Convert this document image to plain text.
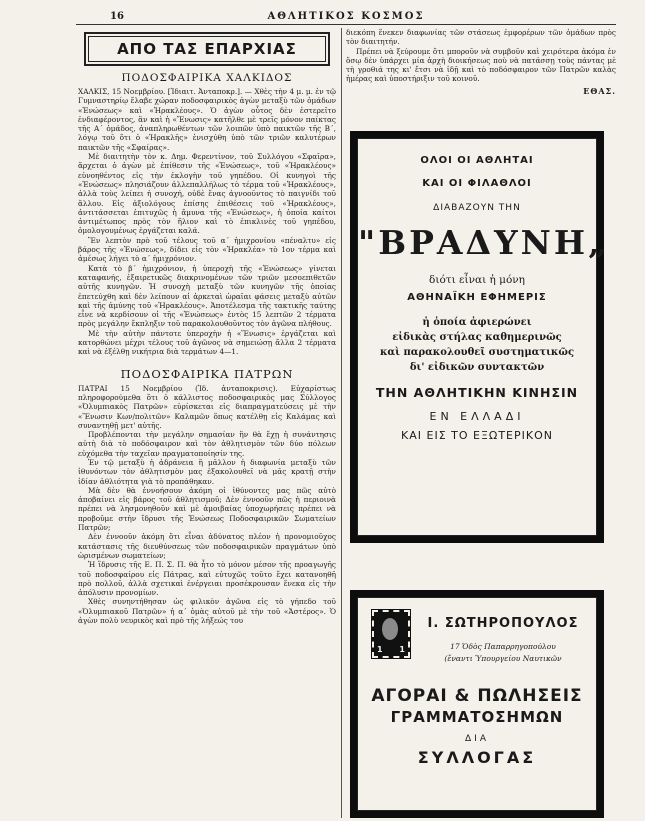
16	ΑΘΛΗΤΙΚΟΣ ΚΟΣΜΟΣ
ΑΠΟ ΤΑΣ ΕΠΑΡΧΙΑΣ
ΠΟΔΟΣΦΑΙΡΙΚΑ ΧΑΛΚΙΔΟΣ

ΧΑΛΚΙΣ, 15 Νοεμβρίου. [Ἰδιαιτ. Ἀνταποκρ.]. — Χθὲς τὴν 4 μ. μ. ἐν τῷ Γυμναστηρίῳ ἔλαβε χώραν ποδοσφαιρικὸς ἀγὼν μεταξὺ τῶν ὁμάδων «Ἑνώσεως» καὶ «Ἡρακλέους». Ὁ ἀγὼν οὗτος δὲν ἐστερεῖτο ἐνδιαφέροντος, ἂν καὶ ἡ «Ἕνωσις» κατῆλθε μὲ τρεῖς μόνον παίκτας τῆς Α΄ ὁμάδος, ἀναπληρωθέντων τῶν λοιπῶν ὑπὸ παικτῶν τῆς Β΄, λόγῳ τοῦ ὅτι ὁ «Ἡρακλῆς» ἐνισχύθη ὑπὸ τῶν τριῶν καλυτέρων παικτῶν τῆς «Σφαίρας».

Μὲ διαιτητὴν τὸν κ. Δημ. Φερεντίνον, τοῦ Συλλόγου «Σφαῖρα», ἄρχεται ὁ ἀγὼν μὲ ἐπίθεσιν τῆς «Ἑνώσεως», τοῦ «Ἡρακλέους» εὐνοηθέντος εἰς τὴν ἐκλογὴν τοῦ γηπέδου. Οἱ κυνηγοὶ τῆς «Ἑνώσεως» πλησιάζουν ἀλλεπαλλήλως τὸ τέρμα τοῦ «Ἡρακλέους», ἀλλὰ τοὺς λείπει ἡ συνοχή, οὐδὲ ἔνας ἀγνοοῦντος τὸ παιγνίδι τοῦ ἄλλου. Εἰς ἀξιολόγους ἐπίσης ἐπιθέσεις τοῦ «Ἡρακλέους», ἀντιτάσσεται ἐπιτυχῶς ἡ ἄμυνα τῆς «Ἑνώσεως», ἡ ὁποία καίτοι ἀντιμέτωπος πρὸς τὸν ἥλιον καὶ τὸ ἐπικλινὲς τοῦ γηπέδου, ὁμολογουμένως ἐργάζεται καλά.

Ἓν λεπτὸν πρὸ τοῦ τέλους τοῦ α΄ ἡμιχρονίου «πέναλτυ» εἰς βάρος τῆς «Ἑνώσεως», δίδει εἰς τὸν «Ἡρακλέα» τὸ 1ον τέρμα καὶ ἀμέσως λήγει τὸ α΄ ἡμιχρόνιον.

Κατὰ τὸ β΄ ἡμιχρόνιον, ἡ ὑπεροχὴ τῆς «Ἑνώσεως» γίνεται καταφανής, ἐξαιρετικῶς διακρινομένων τῶν τριῶν μεσοεπιθετῶν αὐτῆς κυνηγῶν. Ἡ συνοχὴ μεταξὺ τῶν κυνηγῶν τῆς ὁποίας ἐπετεύχθη καὶ δὲν λείπουν αἱ ἀρκεταὶ ὡραῖαι φάσεις μεταξὺ αὐτῶν καὶ τῆς ἀμύνης τοῦ «Ἡρακλέους». Ἀποτέλεσμα τῆς τακτικῆς ταύτης εἶνε νὰ κερδίσουν οἱ τῆς «Ἑνώσεως» ἐντὸς 15 λεπτῶν 2 τέρματα πρὸς μεγάλην ἔκπληξιν τοῦ παρακολουθοῦντος τὸν ἀγῶνα πλήθους.

Μὲ τὴν αὐτὴν πάντοτε ὑπεροχὴν ἡ «Ἕνωσις» ἐργάζεται καὶ κατορθώνει μέχρι τέλους τοῦ ἀγῶνος νὰ σημειώσῃ ἄλλα 2 τέρματα καὶ νὰ ἐξέλθῃ νικήτρια διὰ τερμάτων 4—1.

ΠΟΔΟΣΦΑΙΡΙΚΑ ΠΑΤΡΩΝ

ΠΑΤΡΑΙ 15 Νοεμβρίου (Ἰδ. ἀνταποκρισις). Εὐχαρίστως πληροφορούμεθα ὅτι ὁ κάλλιστος ποδοσφαιρικὸς μας Σύλλογος «Ὀλυμπιακὸς Πατρῶν» εὑρίσκεται εἰς διαπραγματεύσεις μὲ τὴν «Ἕνωσιν Κων/πολιτῶν» Καλαμῶν ὅπως κατέλθῃ εἰς Καλάμας καὶ συναντηθῇ μετ' αὐτῆς.

Προβλέπονται τὴν μεγάλην σημασίαν ἣν θὰ ἔχῃ ἡ συνάντησις αὐτὴ διὰ τὸ ποδόσφαιρον καὶ τὸν ἀθλητισμὸν τῶν δύο πόλεων εὐχόμεθα τὴν ταχεῖαν πραγματοποίησίν της.

Ἐν τῷ μεταξὺ ἡ ἀδράνεια ἢ μᾶλλον ἡ διαφωνία μεταξὺ τῶν ἰθυνόντων τὸν ἀθλητισμὸν μας ἐξακολουθεῖ νὰ μᾶς κρατῇ στὴν ἰδίαν ἀθλιότητα γιὰ τὸ προπάθηκαν.

Μὰ δὲν θὰ ἐννοήσουν ἀκόμη οἱ ἰθύνοντες μας πῶς αὐτὸ ἀποβαίνει εἰς βάρος τοῦ ἀθλητισμοῦ; Δὲν ἐννοοῦν πῶς ἡ περιοινὰ πρέπει νὰ λησμονηθοῦν καὶ μὲ ἀμοιβαίας ὑποχωρήσεις πρέπει νὰ προβοῦμε στὴν ἵδρυσι τῆς Ἑνώσεως Ποδοσφαιρικῶν Σωματείων Πατρῶν;

Δὲν ἐννοοῦν ἀκόμη ὅτι εἶναι ἀδύνατος πλέον ἡ προνομιοῦχος κατάστασις τῆς διευθύνσεως τῶν ποδοσφαιρικῶν πραγμάτων ὑπὸ ὡρισμένων σωματείων;

Ἡ ἵδρυσις τῆς Ε. Π. Σ. Π. θὰ ἦτο τὸ μόνον μέσον τῆς προαγωγῆς τοῦ ποδοσφαίρου εἰς Πάτρας, καὶ εὐτυχῶς τοῦτο ἔχει κατανοηθῆ πρὸ πολλοῦ, ἀλλὰ σχετικαὶ ἐνέργειαι προσέκρουσαν ἕνεκα εἰς τὴν ἀπόλυσιν προνομίων.

Χθὲς συνηντήθησαν ὡς φιλικὸν ἀγῶνα εἰς τὸ γήπεδο τοῦ «Ὀλυμπιακοῦ Πατρῶν» ἡ α΄ ὁμὰς αὐτοῦ μὲ τὴν τοῦ «Ἀστέρος». Ὁ ἀγὼν πολὺ νευρικὸς καὶ πρὸ τῆς λήξεώς του

διεκόπη ἕνεκεν διαφωνίας τῶν στάσεως ἐμφορέρων τῶν ὁμάδων πρὸς τὸν διαιτητήν.

Πρέπει νὰ ξεύρουμε ὅτι μποροῦν νὰ συμβοῦν καὶ χειρότερα ἀκόμα ἐν ὅσῳ δὲν ὑπάρχει μία ἀρχὴ διοικήσεως ποὺ νὰ πατάσσῃ τοὺς πάντας μὲ τὴ γροθιά της κι' ἔτσι νὰ ἰδῇ καὶ τὸ ποδόσφαιρον τῶν Πατρῶν καλὰς ἡμέρας καὶ ὑποστήριξιν τοῦ κοινοῦ.

ΕΘΑΣ.
ΟΛΟΙ ΟΙ ΑΘΛΗΤΑΙ
ΚΑΙ ΟΙ ΦΙΛΑΘΛΟΙ
ΔΙΑΒΑΖΟΥΝ ΤΗΝ
"ΒΡΑΔΥΝΗ„
διότι εἶναι ἡ μόνη
ΑΘΗΝΑΪΚΗ ΕΦΗΜΕΡΙΣ
ἡ ὁποία ἀφιερώνει
εἰδικὰς στήλας καθημερινῶς
καὶ παρακολουθεῖ συστηματικῶς
δι' εἰδικῶν συντακτῶν
ΤΗΝ ΑΘΛΗΤΙΚΗΝ ΚΙΝΗΣΙΝ
ΕΝ ΕΛΛΑΔΙ
ΚΑΙ ΕΙΣ ΤΟ ΕΞΩΤΕΡΙΚΟΝ
1 1
Ι. ΣΩΤΗΡΟΠΟΥΛΟΣ
17 Ὁδὸς Παπαρρηγοπούλου
(ἔναντι Ὑπουργείου Ναυτικῶν
ΑΓΟΡΑΙ & ΠΩΛΗΣΕΙΣ
ΓΡΑΜΜΑΤΟΣΗΜΩΝ
ΔΙΑ
ΣΥΛΛΟΓΑΣ
